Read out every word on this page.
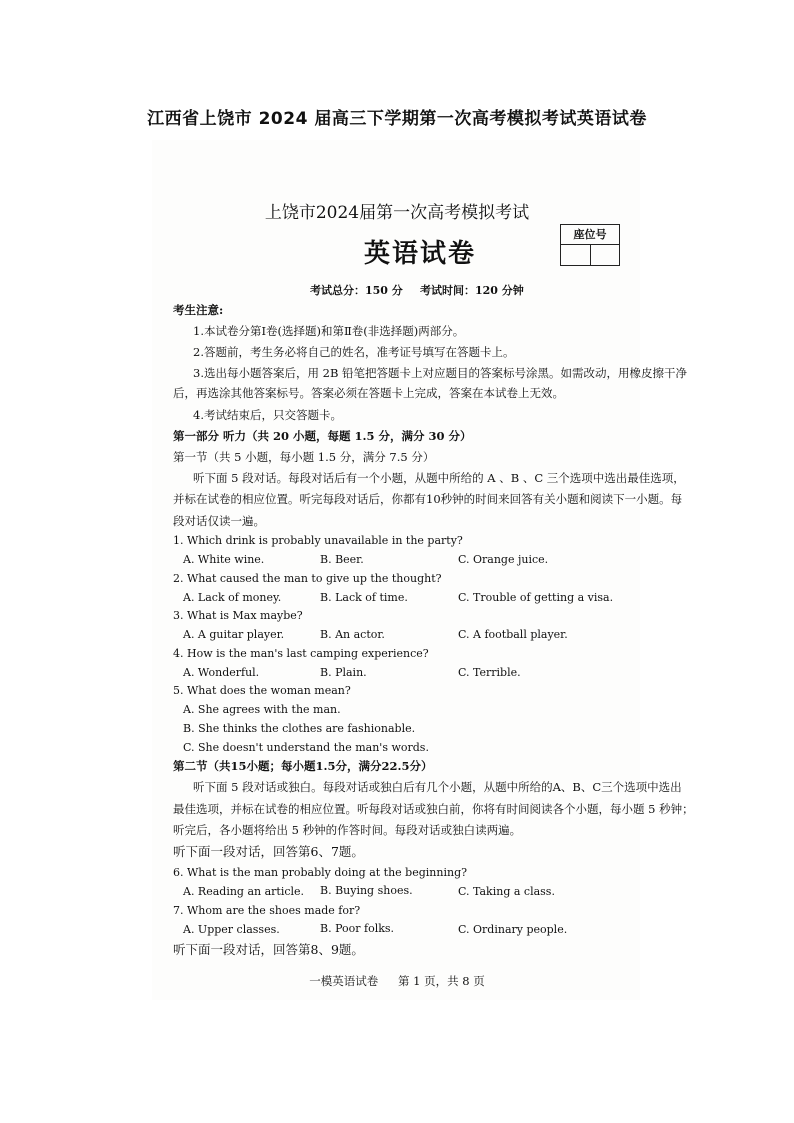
江西省上饶市 2024 届高三下学期第一次高考模拟考试英语试卷
上饶市2024届第一次高考模拟考试
英语试卷
座位号
考试总分：150 分 考试时间：120 分钟
考生注意:
1.本试卷分第Ⅰ卷(选择题)和第Ⅱ卷(非选择题)两部分。
2.答题前，考生务必将自己的姓名，准考证号填写在答题卡上。
3.选出每小题答案后，用 2B 铅笔把答题卡上对应题目的答案标号涂黑。如需改动，用橡皮擦干净
后，再选涂其他答案标号。答案必须在答题卡上完成，答案在本试卷上无效。
4.考试结束后，只交答题卡。
第一部分 听力（共 20 小题，每题 1.5 分，满分 30 分）
第一节（共 5 小题，每小题 1.5 分，满分 7.5 分）
听下面 5 段对话。每段对话后有一个小题，从题中所给的 A 、B 、C 三个选项中选出最佳选项，
并标在试卷的相应位置。听完每段对话后，你都有10秒钟的时间来回答有关小题和阅读下一小题。每
段对话仅读一遍。
1. Which drink is probably unavailable in the party?
A. White wine.	B. Beer.	C. Orange juice.
2. What caused the man to give up the thought?
A. Lack of money.	B. Lack of time.	C. Trouble of getting a visa.
3. What is Max maybe?
A. A guitar player.	B. An actor.	C. A football player.
4. How is the man's last camping experience?
A. Wonderful.	B. Plain.	C. Terrible.
5. What does the woman mean?
A. She agrees with the man.
B. She thinks the clothes are fashionable.
C. She doesn't understand the man's words.
第二节（共15小题；每小题1.5分，满分22.5分）
听下面 5 段对话或独白。每段对话或独白后有几个小题，从题中所给的A、B、C三个选项中选出
最佳选项，并标在试卷的相应位置。听每段对话或独白前，你将有时间阅读各个小题，每小题 5 秒钟；
听完后，各小题将给出 5 秒钟的作答时间。每段对话或独白读两遍。
听下面一段对话，回答第6、7题。
6. What is the man probably doing at the beginning?
A. Reading an article. B. Buying shoes.	C. Taking a class.
7. Whom are the shoes made for?
A. Upper classes.	B. Poor folks.	C. Ordinary people.
听下面一段对话，回答第8、9题。
一模英语试卷 第 1 页，共 8 页
